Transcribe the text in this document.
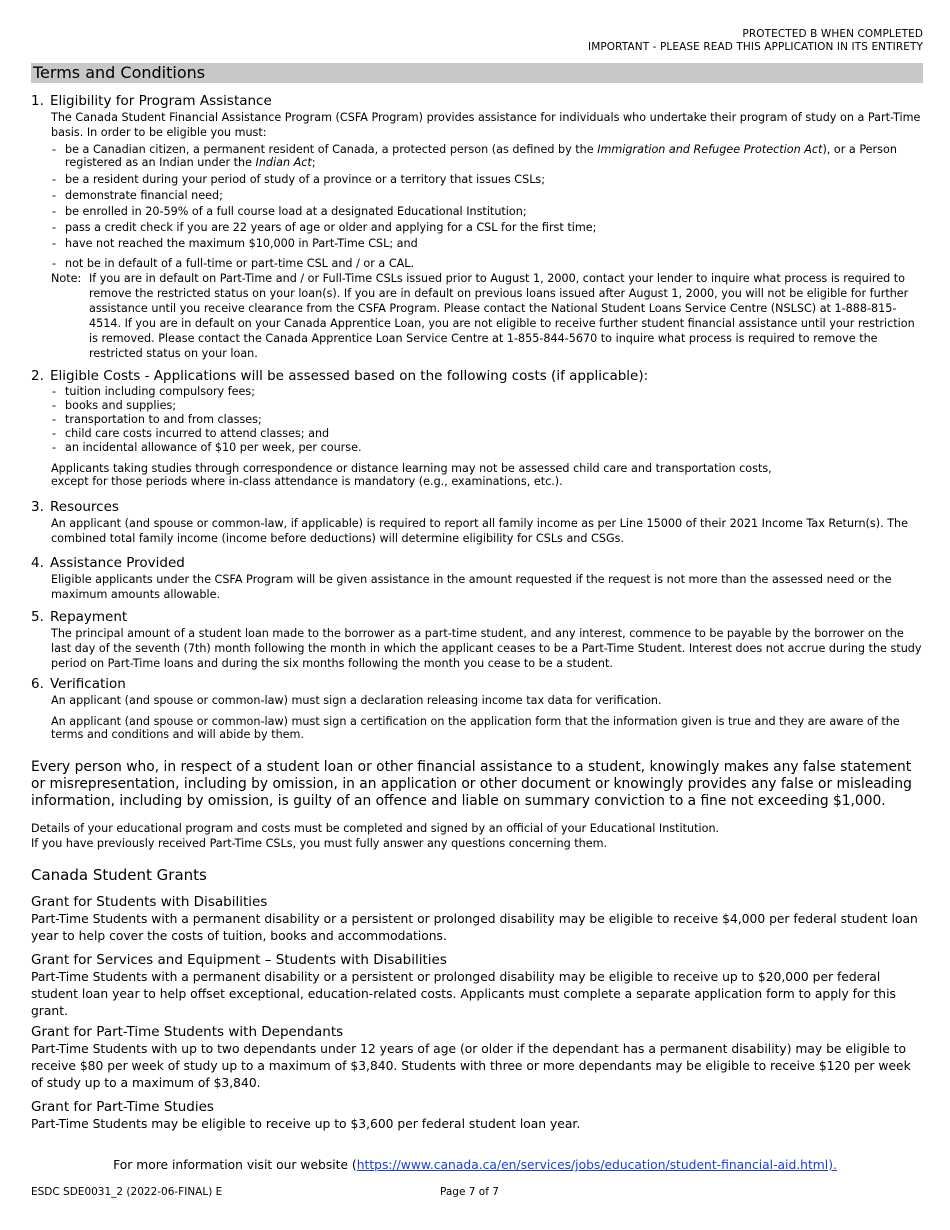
PROTECTED B WHEN COMPLETED
IMPORTANT - PLEASE READ THIS APPLICATION IN ITS ENTIRETY
Terms and Conditions
1. Eligibility for Program Assistance
The Canada Student Financial Assistance Program (CSFA Program) provides assistance for individuals who undertake their program of study on a Part-Time basis. In order to be eligible you must:
- be a Canadian citizen, a permanent resident of Canada, a protected person (as defined by the Immigration and Refugee Protection Act), or a Person registered as an Indian under the Indian Act;
- be a resident during your period of study of a province or a territory that issues CSLs;
- demonstrate financial need;
- be enrolled in 20-59% of a full course load at a designated Educational Institution;
- pass a credit check if you are 22 years of age or older and applying for a CSL for the first time;
- have not reached the maximum $10,000 in Part-Time CSL; and
- not be in default of a full-time or part-time CSL and / or a CAL.
Note: If you are in default on Part-Time and / or Full-Time CSLs issued prior to August 1, 2000, contact your lender to inquire what process is required to remove the restricted status on your loan(s). If you are in default on previous loans issued after August 1, 2000, you will not be eligible for further assistance until you receive clearance from the CSFA Program. Please contact the National Student Loans Service Centre (NSLSC) at 1-888-815-4514. If you are in default on your Canada Apprentice Loan, you are not eligible to receive further student financial assistance until your restriction is removed. Please contact the Canada Apprentice Loan Service Centre at 1-855-844-5670 to inquire what process is required to remove the restricted status on your loan.
2. Eligible Costs - Applications will be assessed based on the following costs (if applicable):
- tuition including compulsory fees;
- books and supplies;
- transportation to and from classes;
- child care costs incurred to attend classes; and
- an incidental allowance of $10 per week, per course.
Applicants taking studies through correspondence or distance learning may not be assessed child care and transportation costs,
except for those periods where in-class attendance is mandatory (e.g., examinations, etc.).
3. Resources
An applicant (and spouse or common-law, if applicable) is required to report all family income as per Line 15000 of their 2021 Income Tax Return(s). The combined total family income (income before deductions) will determine eligibility for CSLs and CSGs.
4. Assistance Provided
Eligible applicants under the CSFA Program will be given assistance in the amount requested if the request is not more than the assessed need or the maximum amounts allowable.
5. Repayment
The principal amount of a student loan made to the borrower as a part-time student, and any interest, commence to be payable by the borrower on the last day of the seventh (7th) month following the month in which the applicant ceases to be a Part-Time Student. Interest does not accrue during the study period on Part-Time loans and during the six months following the month you cease to be a student.
6. Verification
An applicant (and spouse or common-law) must sign a declaration releasing income tax data for verification.
An applicant (and spouse or common-law) must sign a certification on the application form that the information given is true and they are aware of the terms and conditions and will abide by them.
Every person who, in respect of a student loan or other financial assistance to a student, knowingly makes any false statement or misrepresentation, including by omission, in an application or other document or knowingly provides any false or misleading information, including by omission, is guilty of an offence and liable on summary conviction to a fine not exceeding $1,000.
Details of your educational program and costs must be completed and signed by an official of your Educational Institution.
If you have previously received Part-Time CSLs, you must fully answer any questions concerning them.
Canada Student Grants
Grant for Students with Disabilities
Part-Time Students with a permanent disability or a persistent or prolonged disability may be eligible to receive $4,000 per federal student loan year to help cover the costs of tuition, books and accommodations.
Grant for Services and Equipment – Students with Disabilities
Part-Time Students with a permanent disability or a persistent or prolonged disability may be eligible to receive up to $20,000 per federal student loan year to help offset exceptional, education-related costs. Applicants must complete a separate application form to apply for this grant.
Grant for Part-Time Students with Dependants
Part-Time Students with up to two dependants under 12 years of age (or older if the dependant has a permanent disability) may be eligible to receive $80 per week of study up to a maximum of $3,840. Students with three or more dependants may be eligible to receive $120 per week of study up to a maximum of $3,840.
Grant for Part-Time Studies
Part-Time Students may be eligible to receive up to $3,600 per federal student loan year.
For more information visit our website (https://www.canada.ca/en/services/jobs/education/student-financial-aid.html).
ESDC SDE0031_2 (2022-06-FINAL) E	Page 7 of 7
